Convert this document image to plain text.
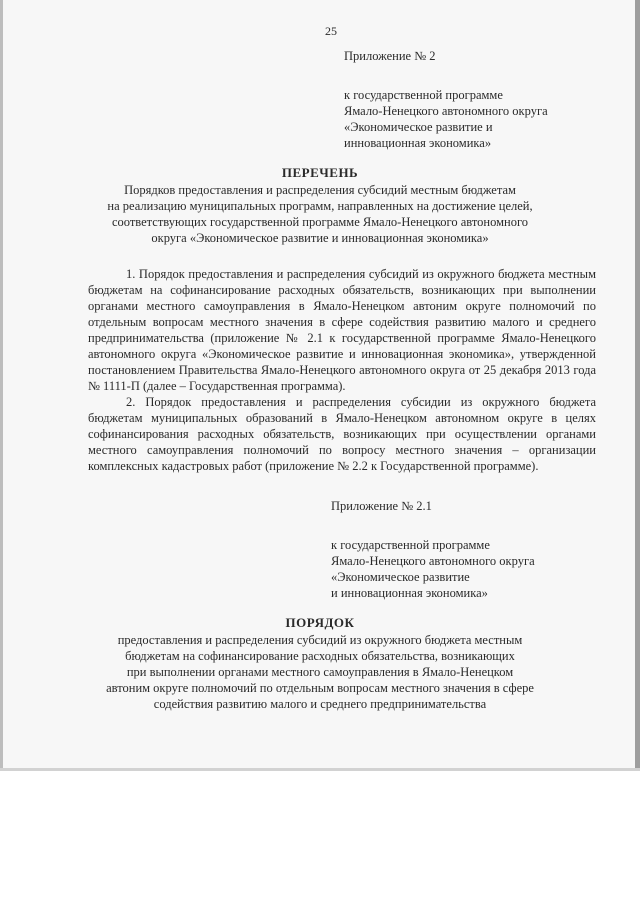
25
Приложение № 2
к государственной программе
Ямало-Ненецкого автономного округа
«Экономическое развитие и
инновационная экономика»
ПЕРЕЧЕНЬ
Порядков предоставления и распределения субсидий местным бюджетам
на реализацию муниципальных программ, направленных на достижение целей,
соответствующих государственной программе Ямало-Ненецкого автономного
округа «Экономическое развитие и инновационная экономика»

1. Порядок предоставления и распределения субсидий из окружного бюджета местным бюджетам на софинансирование расходных обязательств, возникающих при выполнении органами местного самоуправления в Ямало-Ненецком автоним округе полномочий по отдельным вопросам местного значения в сфере содействия развитию малого и среднего предпринимательства (приложение № 2.1 к государственной программе Ямало-Ненецкого автономного округа «Экономическое развитие и инновационная экономика», утвержденной постановлением Правительства Ямало-Ненецкого автономного округа от 25 декабря 2013 года № 1111-П (далее – Государственная программа).

2. Порядок предоставления и распределения субсидии из окружного бюджета бюджетам муниципальных образований в Ямало-Ненецком автономном округе в целях софинансирования расходных обязательств, возникающих при осуществлении органами местного самоуправления полномочий по вопросу местного значения – организации комплексных кадастровых работ (приложение № 2.2 к Государственной программе).

Приложение № 2.1
к государственной программе
Ямало-Ненецкого автономного округа
«Экономическое развитие
и инновационная экономика»
ПОРЯДОК
предоставления и распределения субсидий из окружного бюджета местным
бюджетам на софинансирование расходных обязательства, возникающих
при выполнении органами местного самоуправления в Ямало-Ненецком
автоним округе полномочий по отдельным вопросам местного значения в сфере
содействия развитию малого и среднего предпринимательства
